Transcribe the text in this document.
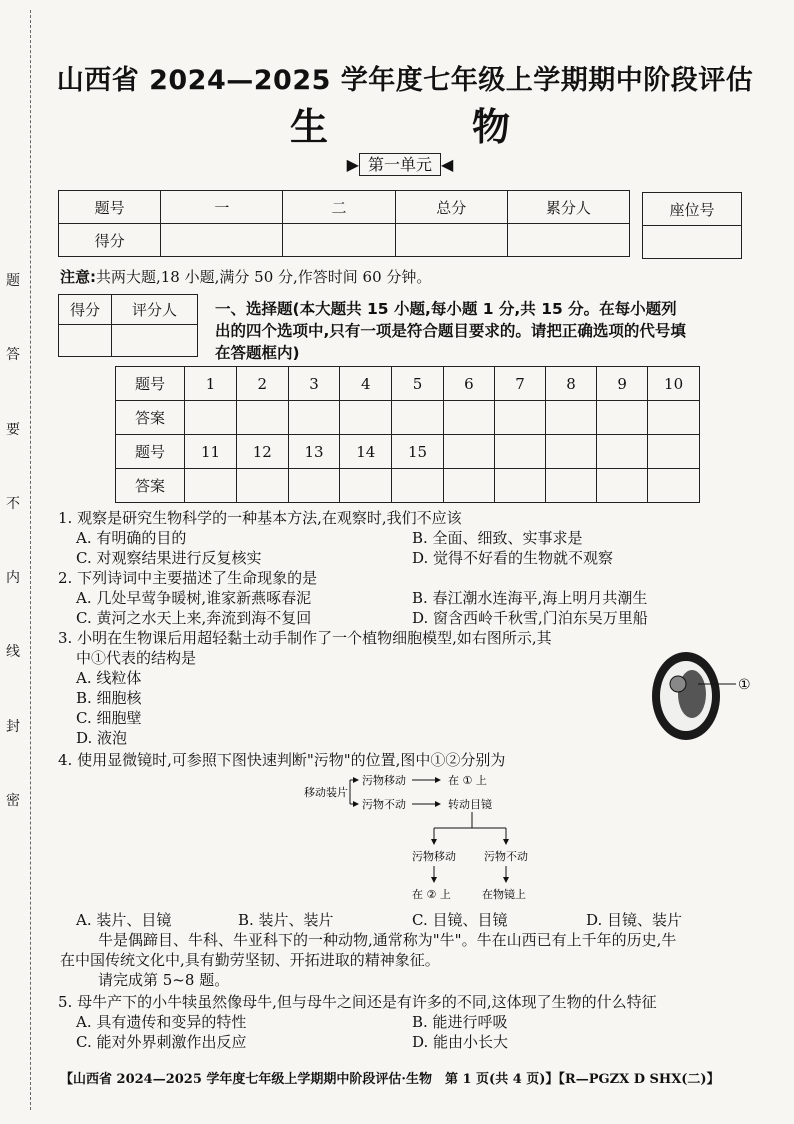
题
答
要
不
内
线
封
密
山西省 2024—2025 学年度七年级上学期期中阶段评估
生	物
▶ 第一单元 ◀
题号	一	二	总分	累分人
得分				
座位号

注意:共两大题,18 小题,满分 50 分,作答时间 60 分钟。
得分	评分人
	一、选择题(本大题共 15 小题,每小题 1 分,共 15 分。在每小题列出的四个选项中,只有一项是符合题目要求的。请把正确选项的代号填在答题框内)
题号	1	2	3	4	5	6	7	8	9	10
答案										
题号	11	12	13	14	15					
答案										
1. 观察是研究生物科学的一种基本方法,在观察时,我们不应该
A. 有明确的目的	B. 全面、细致、实事求是
C. 对观察结果进行反复核实	D. 觉得不好看的生物就不观察
2. 下列诗词中主要描述了生命现象的是
A. 几处早莺争暖树,谁家新燕啄春泥	B. 春江潮水连海平,海上明月共潮生
C. 黄河之水天上来,奔流到海不复回	D. 窗含西岭千秋雪,门泊东吴万里船
3. 小明在生物课后用超轻黏土动手制作了一个植物细胞模型,如右图所示,其
中①代表的结构是
A. 线粒体
B. 细胞核
C. 细胞壁
D. 液泡
①
4. 使用显微镜时,可参照下图快速判断"污物"的位置,图中①②分别为
移动装片
污物移动	在 ① 上
污物不动	转动目镜
污物移动	污物不动
在 ② 上	在物镜上
A. 装片、目镜	B. 装片、装片	C. 目镜、目镜	D. 目镜、装片
牛是偶蹄目、牛科、牛亚科下的一种动物,通常称为"牛"。牛在山西已有上千年的历史,牛
在中国传统文化中,具有勤劳坚韧、开拓进取的精神象征。
请完成第 5~8 题。
5. 母牛产下的小牛犊虽然像母牛,但与母牛之间还是有许多的不同,这体现了生物的什么特征
A. 具有遗传和变异的特性	B. 能进行呼吸
C. 能对外界刺激作出反应	D. 能由小长大
【山西省 2024—2025 学年度七年级上学期期中阶段评估·生物　第 1 页(共 4 页)】【R—PGZX D SHX(二)】
